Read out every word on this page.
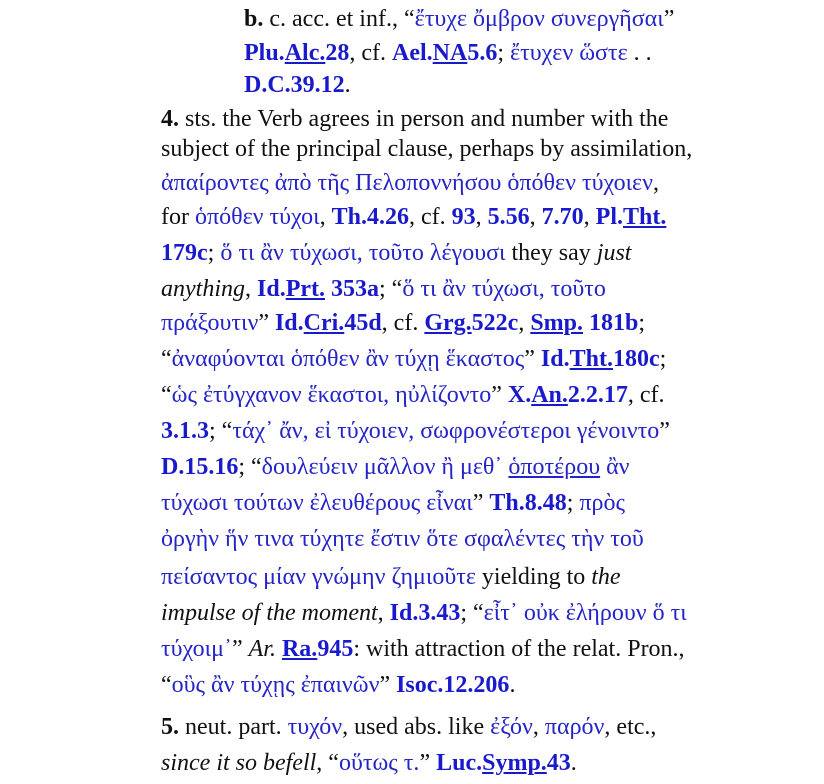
b. c. acc. et inf., “ἔτυχε ὄμβρον συνεργῆσαι”
Plu.Alc.28, cf. Ael.NA5.6; ἔτυχεν ὥστε . .
D.C.39.12.
4. sts. the Verb agrees in person and number with the
subject of the principal clause, perhaps by assimilation,
ἀπαίροντες ἀπὸ τῆς Πελοποννήσου ὁπόθεν τύχοιεν,
for ὁπόθεν τύχοι, Th.4.26, cf. 93, 5.56, 7.70, Pl.Tht.
179c; ὅ τι ἂν τύχωσι, τοῦτο λέγουσι they say just
anything, Id.Prt. 353a; “ὅ τι ἂν τύχωσι, τοῦτο
πράξουτιν” Id.Cri.45d, cf. Grg.522c, Smp. 181b;
“ἀναφύονται ὁπόθεν ἂν τύχῃ ἕκαστος” Id.Tht.180c;
“ὡς ἐτύγχανον ἕκαστοι, ηὐλίζοντο” X.An.2.2.17, cf.
3.1.3; “τάχ᾽ ἄν, εἰ τύχοιεν, σωφρονέστεροι γένοιντο”
D.15.16; “δουλεύειν μᾶλλον ἢ μεθ᾽ ὁποτέρου ἂν
τύχωσι τούτων ἐλευθέρους εἶναι” Th.8.48; πρὸς
ὀργὴν ἥν τινα τύχητε ἔστιν ὅτε σφαλέντες τὴν τοῦ
πείσαντος μίαν γνώμην ζημιοῦτε yielding to the
impulse of the moment, Id.3.43; “εἶτ᾽ οὐκ ἐλήρουν ὅ τι
τύχοιμ᾽” Ar. Ra.945: with attraction of the relat. Pron.,
“οὓς ἂν τύχῃς ἐπαινῶν” Isoc.12.206.
5. neut. part. τυχόν, used abs. like ἐξόν, παρόν, etc.,
since it so befell, “οὕτως τ.” Luc.Symp.43.
